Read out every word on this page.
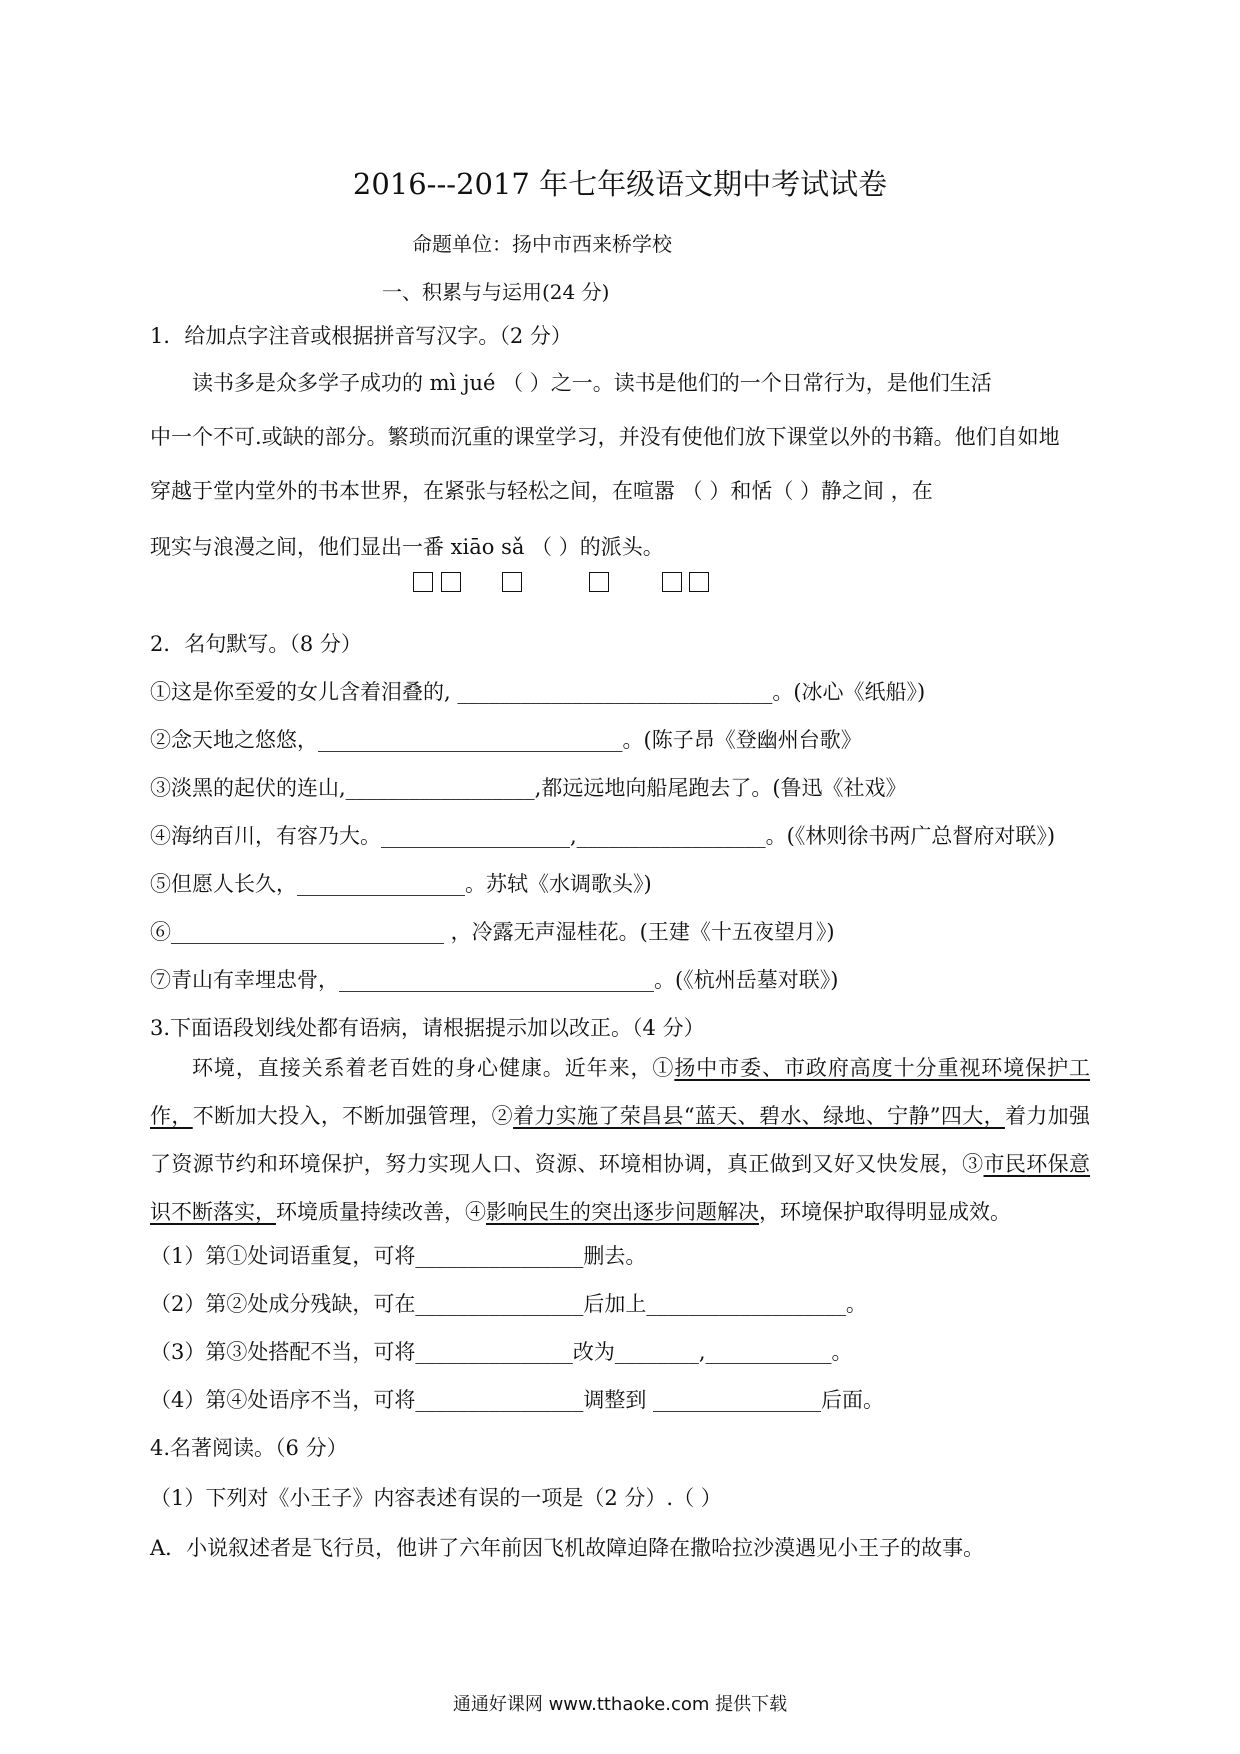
2016---2017 年七年级语文期中考试试卷
命题单位：扬中市西来桥学校
一、积累与与运用(24 分)
1．给加点字注音或根据拼音写汉字。（2 分）
读书多是众多学子成功的 mì jué （ ）之一。读书是他们的一个日常行为，是他们生活
中一个不可.或缺的部分。繁琐而沉重的课堂学习，并没有使他们放下课堂以外的书籍。他们自如地
穿越于堂内堂外的书本世界，在紧张与轻松之间，在喧嚣 · （ ）和恬 ·（ ）静之间 ，在
现实与浪漫之间，他们显出一番 xiāo sǎ （ ）的派头。
2．名句默写。（8 分）
①这是你至爱的女儿含着泪叠的, ______________________________。(冰心《纸船》)
②念天地之悠悠，_____________________________。(陈子昂《登幽州台歌》
③淡黑的起伏的连山,__________________,都远远地向船尾跑去了。(鲁迅《社戏》
④海纳百川，有容乃大。__________________,__________________。(《林则徐书两广总督府对联》)
⑤但愿人长久，________________。苏轼《水调歌头》)
⑥__________________________ ，冷露无声湿桂花。(王建《十五夜望月》)
⑦青山有幸埋忠骨，______________________________。(《杭州岳墓对联》)
3.下面语段划线处都有语病，请根据提示加以改正。（4 分）
环境，直接关系着老百姓的身心健康。近年来，①扬中市委、市政府高度十分重视环境保护工作，不断加大投入，不断加强管理，②着力实施了荣昌县“蓝天、碧水、绿地、宁静”四大，着力加强了资源节约和环境保护，努力实现人口、资源、环境相协调，真正做到又好又快发展，③市民环保意识不断落实，环境质量持续改善，④影响民生的突出逐步问题解决，环境保护取得明显成效。
（1）第①处词语重复，可将________________删去。
（2）第②处成分残缺，可在________________后加上___________________。
（3）第③处搭配不当，可将_______________改为________,____________。
（4）第④处语序不当，可将________________调整到 ________________后面。
4.名著阅读。（6 分）
（1）下列对《小王子》内容表述有误的一项是（2 分）.（ ）
A．小说叙述者是飞行员，他讲了六年前因飞机故障迫降在撒哈拉沙漠遇见小王子的故事。
通通好课网 www.tthaoke.com 提供下载
